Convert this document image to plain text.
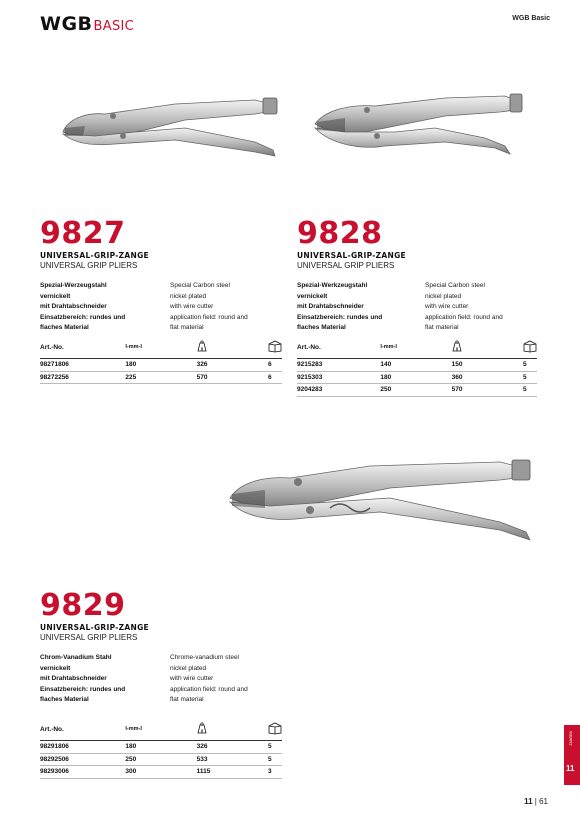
WGB BASIC
WGB Basic
9827
UNIVERSAL-GRIP-ZANGE
UNIVERSAL GRIP PLIERS
Spezial-Werzeugstahl
vernickelt
mit Drahtabschneider
Einsatzbereich: rundes und
flaches Material
Special Carbon steel
nickel plated
with wire cutter
application field: round and
flat material
Art.-No.	I-mm-I	g

98271806	180	326	6
98272256	225	570	6
9828
UNIVERSAL-GRIP-ZANGE
UNIVERSAL GRIP PLIERS
Spezial-Werkzeugstahl
vernickelt
mit Drahtabschneider
Einsatzbereich: rundes und
flaches Material
Special Carbon steel
nickel plated
with wire cutter
application field: round and
flat material
Art.-No.	I-mm-I	g

9215283	140	150	5
9215303	180	360	5
9204283	250	570	5
9829
UNIVERSAL-GRIP-ZANGE
UNIVERSAL GRIP PLIERS
Chrom-Vanadium Stahl
vernickelt
mit Drahtabschneider
Einsatzbereich: rundes und
flaches Material
Chrome-vanadium steel
nickel plated
with wire cutter
application field: round and
flat material
Art.-No.	I-mm-I	g

98291806	180	326	5
98292506	250	533	5
98293006	300	1115	3
ZANGEN
11
11 | 61
